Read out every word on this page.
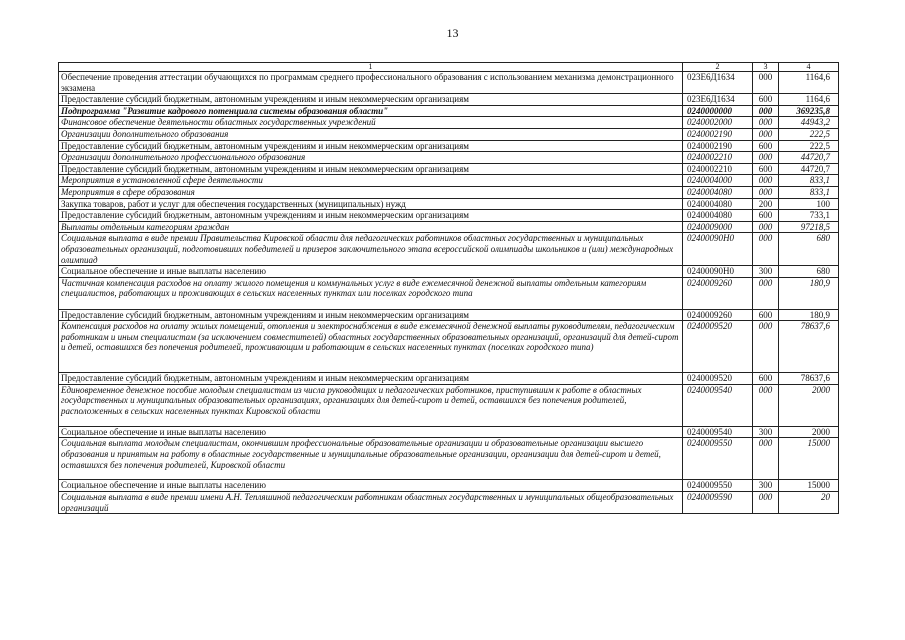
13
1	2	3	4
Обеспечение проведения аттестации обучающихся по программам среднего профессионального образования с использованием механизма демонстрационного экзамена	023Е6Д1634	000	1164,6
Предоставление субсидий бюджетным, автономным учреждениям и иным некоммерческим организациям	023Е6Д1634	600	1164,6
Подпрограмма "Развитие кадрового потенциала системы образования области"	0240000000	000	369235,8
Финансовое обеспечение деятельности областных государственных учреждений	0240002000	000	44943,2
Организации дополнительного образования	0240002190	000	222,5
Предоставление субсидий бюджетным, автономным учреждениям и иным некоммерческим организациям	0240002190	600	222,5
Организации дополнительного профессионального образования	0240002210	000	44720,7
Предоставление субсидий бюджетным, автономным учреждениям и иным некоммерческим организациям	0240002210	600	44720,7
Мероприятия в установленной сфере деятельности	0240004000	000	833,1
Мероприятия в сфере образования	0240004080	000	833,1
Закупка товаров, работ и услуг для обеспечения государственных (муниципальных) нужд	0240004080	200	100
Предоставление субсидий бюджетным, автономным учреждениям и иным некоммерческим организациям	0240004080	600	733,1
Выплаты отдельным категориям граждан	0240009000	000	97218,5
Социальная выплата в виде премии Правительства Кировской области для педагогических работников областных государственных и муниципальных образовательных организаций, подготовивших победителей и призеров заключительного этапа всероссийской олимпиады школьников и (или) международных олимпиад	02400090Н0	000	680
Социальное обеспечение и иные выплаты населению	02400090Н0	300	680
Частичная компенсация расходов на оплату жилого помещения и коммунальных услуг в виде ежемесячной денежной выплаты отдельным категориям специалистов, работающих и проживающих в сельских населенных пунктах или поселках городского типа	0240009260	000	180,9
Предоставление субсидий бюджетным, автономным учреждениям и иным некоммерческим организациям	0240009260	600	180,9
Компенсация расходов на оплату жилых помещений, отопления и электроснабжения в виде ежемесячной денежной выплаты руководителям, педагогическим работникам и иным специалистам (за исключением совместителей) областных государственных образовательных организаций, организаций для детей-сирот и детей, оставшихся без попечения родителей, проживающим и работающим в сельских населенных пунктах (поселках городского типа)	0240009520	000	78637,6
Предоставление субсидий бюджетным, автономным учреждениям и иным некоммерческим организациям	0240009520	600	78637,6
Единовременное денежное пособие молодым специалистам из числа руководящих и педагогических работников, приступившим к работе в областных государственных и муниципальных образовательных организациях, организациях для детей-сирот и детей, оставшихся без попечения родителей, расположенных в сельских населенных пунктах Кировской области	0240009540	000	2000
Социальное обеспечение и иные выплаты населению	0240009540	300	2000
Социальная выплата молодым специалистам, окончившим профессиональные образовательные организации и образовательные организации высшего образования и принятым на работу в областные государственные и муниципальные образовательные организации, организации для детей-сирот и детей, оставшихся без попечения родителей, Кировской области	0240009550	000	15000
Социальное обеспечение и иные выплаты населению	0240009550	300	15000
Социальная выплата в виде премии имени А.Н. Тепляшиной педагогическим работникам областных государственных и муниципальных общеобразовательных организаций	0240009590	000	20
